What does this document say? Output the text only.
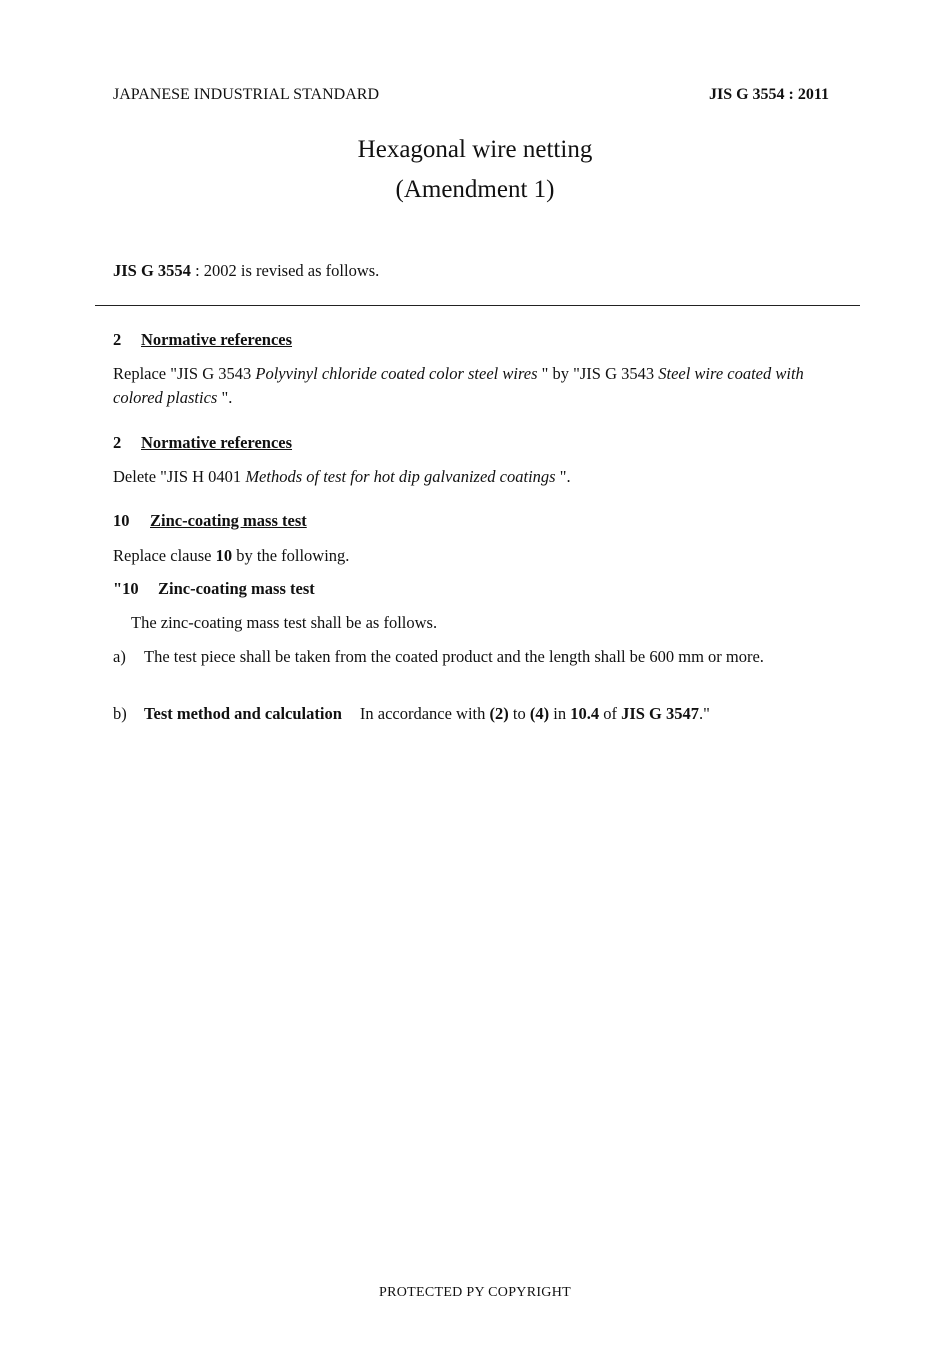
JAPANESE INDUSTRIAL STANDARD	JIS G 3554 : 2011
Hexagonal wire netting
(Amendment 1)

JIS G 3554 : 2002 is revised as follows.

2 Normative references

Replace "JIS G 3543 Polyvinyl chloride coated color steel wires " by "JIS G 3543 Steel wire coated with colored plastics ".

2 Normative references

Delete "JIS H 0401 Methods of test for hot dip galvanized coatings ".

10 Zinc-coating mass test

Replace clause 10 by the following.

"10 Zinc-coating mass test

The zinc-coating mass test shall be as follows.

a)	The test piece shall be taken from the coated product and the length shall be 600 mm or more.
b)	Test method and calculation In accordance with (2) to (4) in 10.4 of JIS G 3547."
PROTECTED PY COPYRIGHT
